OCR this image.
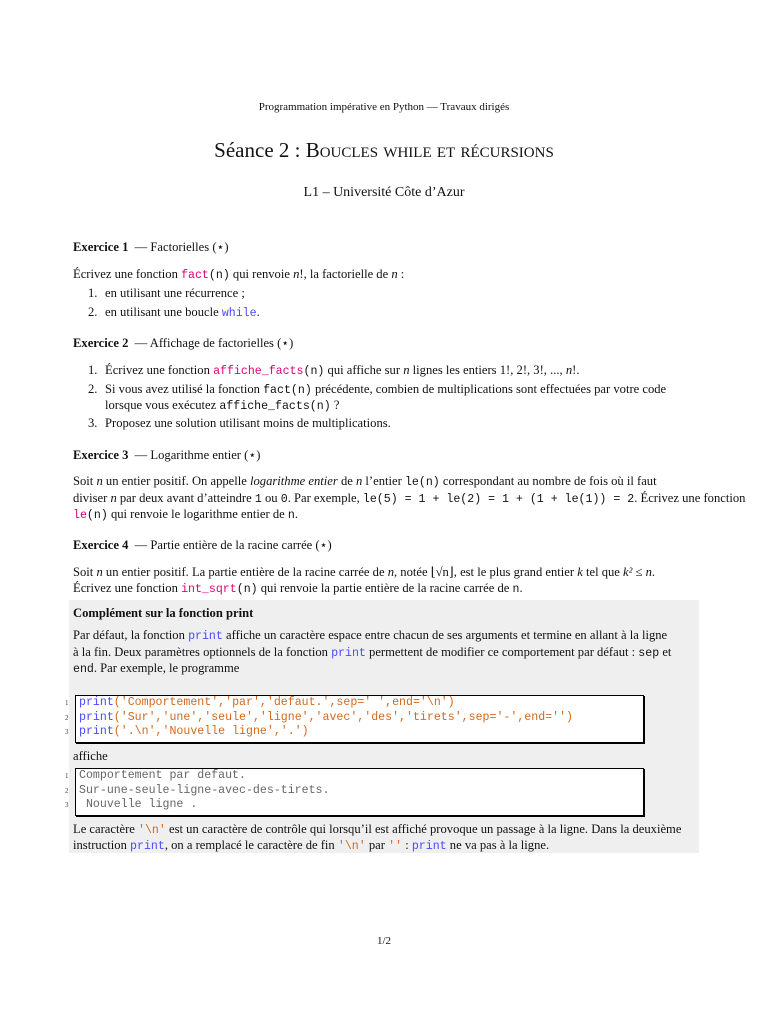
Programmation impérative en Python — Travaux dirigés
Séance 2 : Boucles while et récursions
L1 – Université Côte d’Azur
Exercice 1 — Factorielles (⋆)
Écrivez une fonction fact(n) qui renvoie n!, la factorielle de n :
1. en utilisant une récurrence ;
2. en utilisant une boucle while.
Exercice 2 — Affichage de factorielles (⋆)
1. Écrivez une fonction affiche_facts(n) qui affiche sur n lignes les entiers 1!, 2!, 3!, ..., n!.
2. Si vous avez utilisé la fonction fact(n) précédente, combien de multiplications sont effectuées par votre code
lorsque vous exécutez affiche_facts(n) ?
3. Proposez une solution utilisant moins de multiplications.
Exercice 3 — Logarithme entier (⋆)
Soit n un entier positif. On appelle logarithme entier de n l’entier le(n) correspondant au nombre de fois où il faut
diviser n par deux avant d’atteindre 1 ou 0. Par exemple, le(5) = 1 + le(2) = 1 + (1 + le(1)) = 2. Écrivez une fonction
le(n) qui renvoie le logarithme entier de n.
Exercice 4 — Partie entière de la racine carrée (⋆)
Soit n un entier positif. La partie entière de la racine carrée de n, notée ⌊√n⌋, est le plus grand entier k tel que k² ≤ n.
Écrivez une fonction int_sqrt(n) qui renvoie la partie entière de la racine carrée de n.
Complément sur la fonction print
Par défaut, la fonction print affiche un caractère espace entre chacun de ses arguments et termine en allant à la ligne
à la fin. Deux paramètres optionnels de la fonction print permettent de modifier ce comportement par défaut : sep et
end. Par exemple, le programme
1 print('Comportement','par','defaut.',sep=' ',end='\n')
2 print('Sur','une','seule','ligne','avec','des','tirets',sep='-',end='')
3 print('.\n','Nouvelle ligne','.')
affiche
1 Comportement par defaut.
2 Sur-une-seule-ligne-avec-des-tirets.
3 Nouvelle ligne .
Le caractère '\n' est un caractère de contrôle qui lorsqu’il est affiché provoque un passage à la ligne. Dans la deuxième
instruction print, on a remplacé le caractère de fin '\n' par '' : print ne va pas à la ligne.
1/2
